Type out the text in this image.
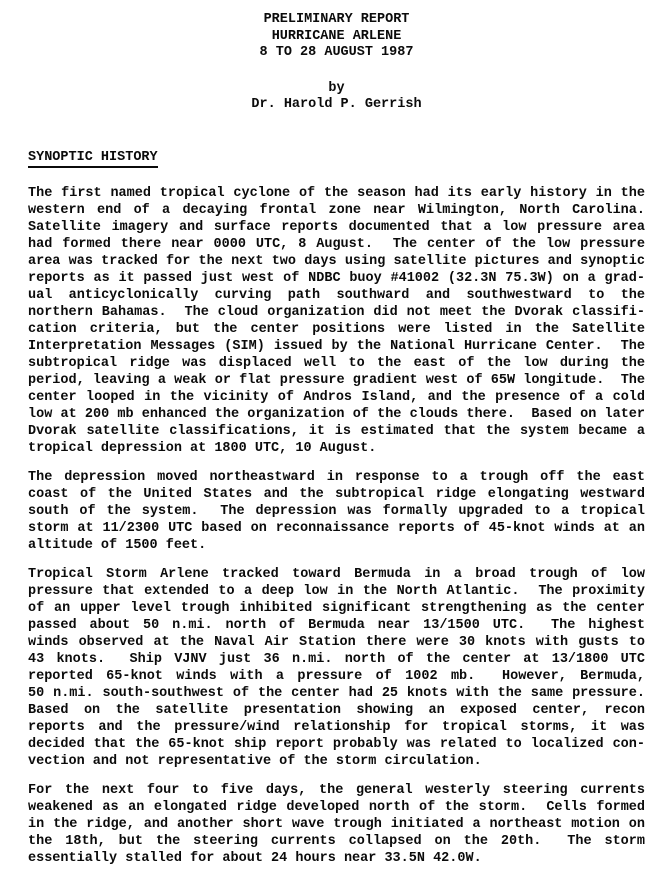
PRELIMINARY REPORT
HURRICANE ARLENE
8 TO 28 AUGUST 1987
by
Dr. Harold P. Gerrish
SYNOPTIC HISTORY
The first named tropical cyclone of the season had its early history in the
western end of a decaying frontal zone near Wilmington, North Carolina.
Satellite imagery and surface reports documented that a low pressure area
had formed there near 0000 UTC, 8 August.  The center of the low pressure
area was tracked for the next two days using satellite pictures and synoptic
reports as it passed just west of NDBC buoy #41002 (32.3N 75.3W) on a grad-
ual anticyclonically curving path southward and southwestward to the
northern Bahamas.  The cloud organization did not meet the Dvorak classifi-
cation criteria, but the center positions were listed in the Satellite
Interpretation Messages (SIM) issued by the National Hurricane Center.  The
subtropical ridge was displaced well to the east of the low during the
period, leaving a weak or flat pressure gradient west of 65W longitude.  The
center looped in the vicinity of Andros Island, and the presence of a cold
low at 200 mb enhanced the organization of the clouds there.  Based on later
Dvorak satellite classifications, it is estimated that the system became a
tropical depression at 1800 UTC, 10 August.
The depression moved northeastward in response to a trough off the east
coast of the United States and the subtropical ridge elongating westward
south of the system.  The depression was formally upgraded to a tropical
storm at 11/2300 UTC based on reconnaissance reports of 45-knot winds at an
altitude of 1500 feet.
Tropical Storm Arlene tracked toward Bermuda in a broad trough of low
pressure that extended to a deep low in the North Atlantic.  The proximity
of an upper level trough inhibited significant strengthening as the center
passed about 50 n.mi. north of Bermuda near 13/1500 UTC.  The highest
winds observed at the Naval Air Station there were 30 knots with gusts to
43 knots.  Ship VJNV just 36 n.mi. north of the center at 13/1800 UTC
reported 65-knot winds with a pressure of 1002 mb.  However, Bermuda,
50 n.mi. south-southwest of the center had 25 knots with the same pressure.
Based on the satellite presentation showing an exposed center, recon
reports and the pressure/wind relationship for tropical storms, it was
decided that the 65-knot ship report probably was related to localized con-
vection and not representative of the storm circulation.
For the next four to five days, the general westerly steering currents
weakened as an elongated ridge developed north of the storm.  Cells formed
in the ridge, and another short wave trough initiated a northeast motion on
the 18th, but the steering currents collapsed on the 20th.  The storm
essentially stalled for about 24 hours near 33.5N 42.0W.
